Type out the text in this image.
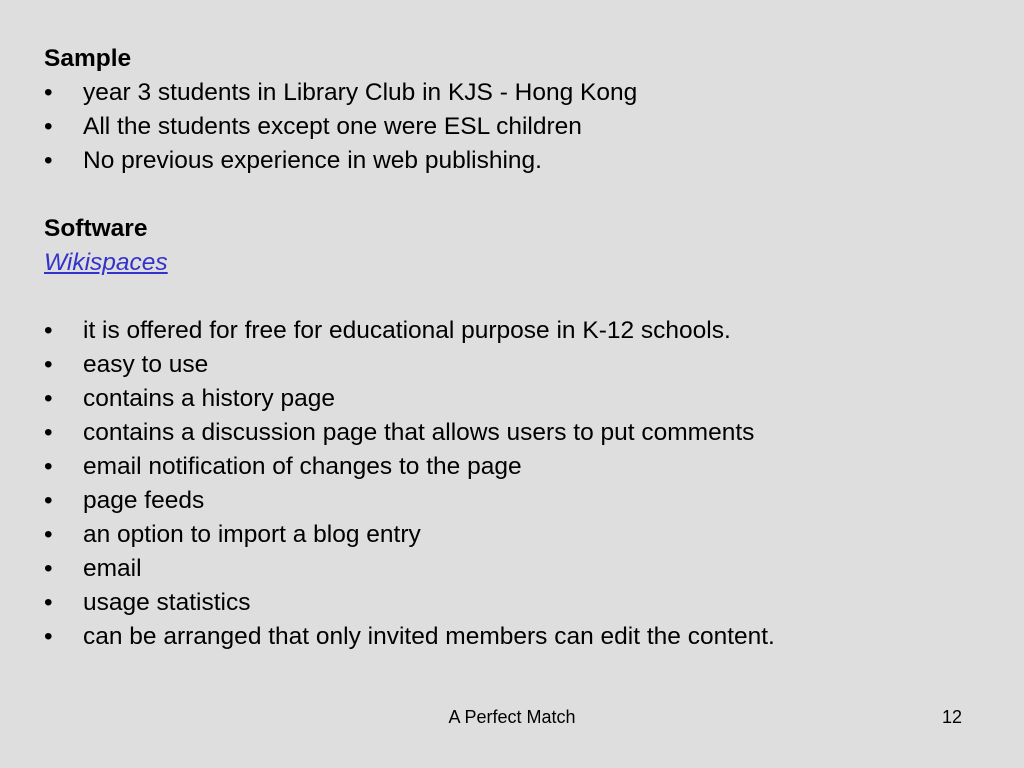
Sample
•	year 3 students in Library Club in KJS - Hong Kong
•	All the students except one were ESL children
•	No previous experience in web publishing.
Software
Wikispaces
•	it is offered for free for educational purpose in K-12 schools.
•	easy to use
•	contains a history page
•	contains a discussion page that allows users to put comments
•	email notification of changes to the page
•	page feeds
•	an option to import a blog entry
•	email
•	usage statistics
•	can be arranged that only invited members can edit the content.
A Perfect Match	12
